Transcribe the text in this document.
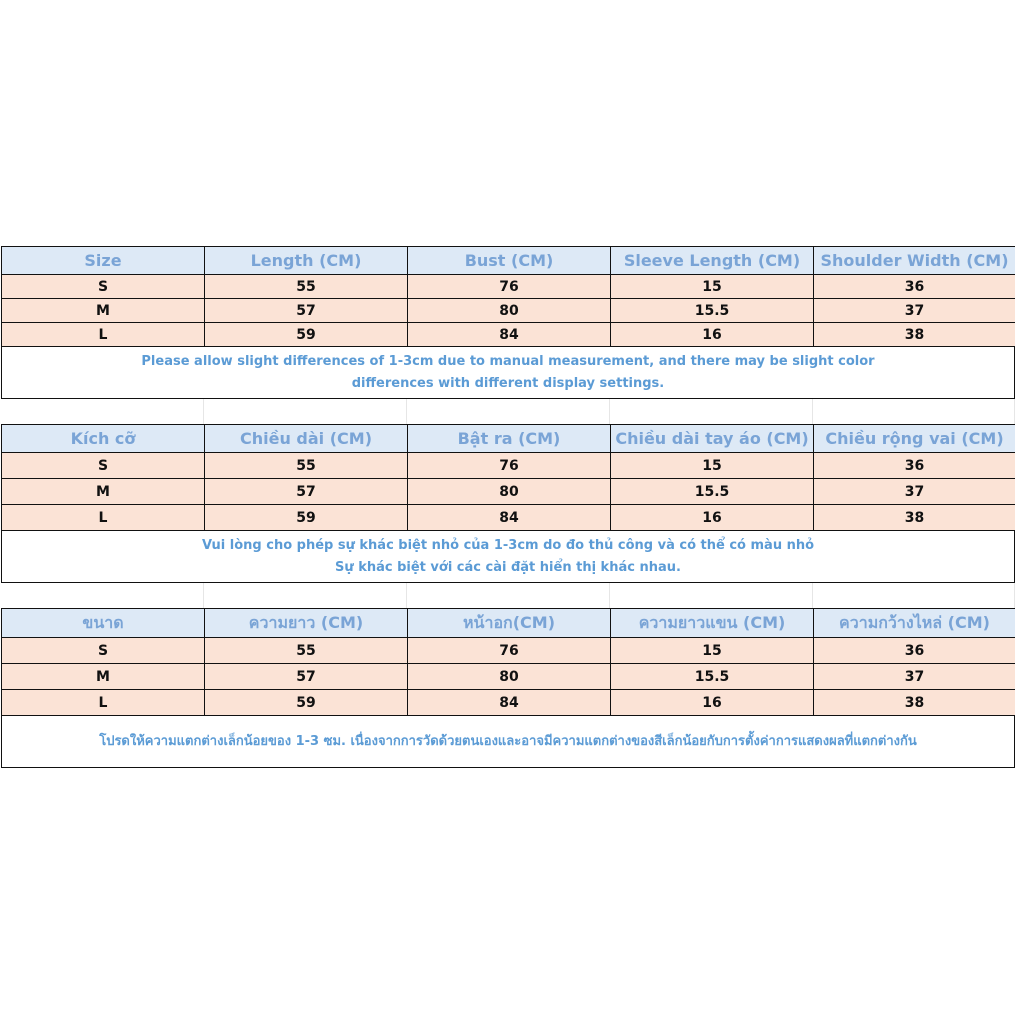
Size	Length (CM)	Bust (CM)	Sleeve Length (CM)	Shoulder Width (CM)
S	55	76	15	36
M	57	80	15.5	37
L	59	84	16	38
Please allow slight differences of 1-3cm due to manual measurement, and there may be slight color
differences with different display settings.
Kích cỡ	Chiều dài (CM)	Bật ra (CM)	Chiều dài tay áo (CM)	Chiều rộng vai (CM)
S	55	76	15	36
M	57	80	15.5	37
L	59	84	16	38
Vui lòng cho phép sự khác biệt nhỏ của 1-3cm do đo thủ công và có thể có màu nhỏ
Sự khác biệt với các cài đặt hiển thị khác nhau.
ขนาด	ความยาว (CM)	หน้าอก(CM)	ความยาวแขน (CM)	ความกว้างไหล่ (CM)
S	55	76	15	36
M	57	80	15.5	37
L	59	84	16	38
โปรดให้ความแตกต่างเล็กน้อยของ 1-3 ซม. เนื่องจากการวัดด้วยตนเองและอาจมีความแตกต่างของสีเล็กน้อยกับการตั้งค่าการแสดงผลที่แตกต่างกัน
